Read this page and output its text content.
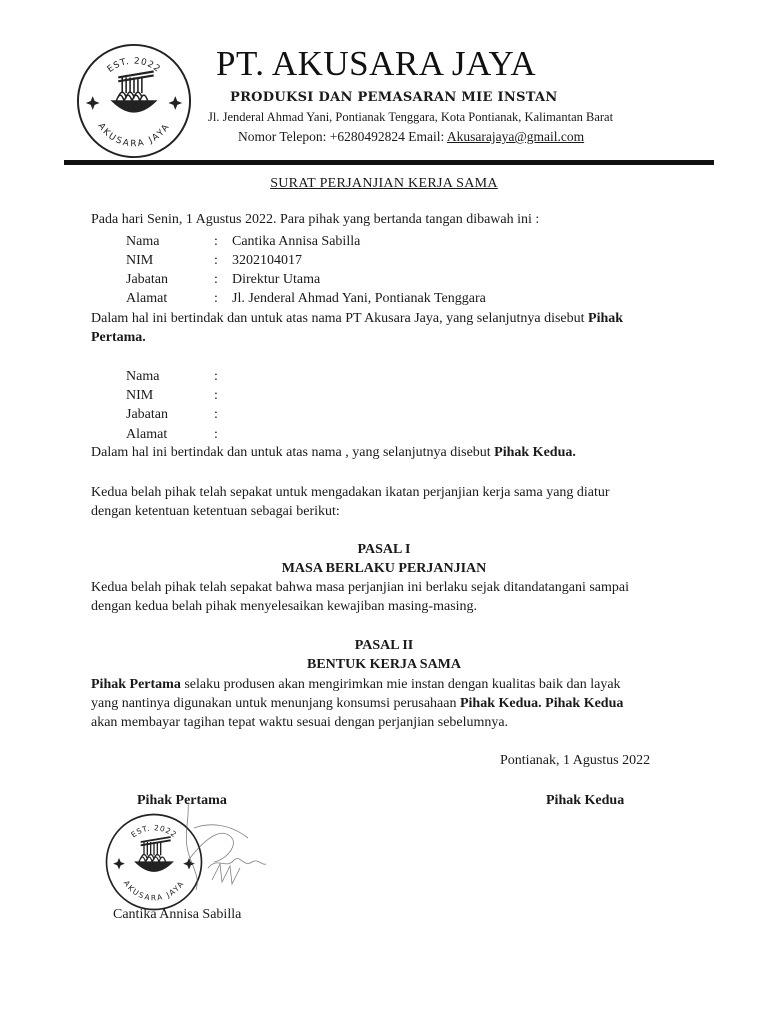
EST. 2022
AKUSARA JAYA
PT. AKUSARA JAYA
PRODUKSI DAN PEMASARAN MIE INSTAN
Jl. Jenderal Ahmad Yani, Pontianak Tenggara, Kota Pontianak, Kalimantan Barat
Nomor Telepon: +6280492824 Email: Akusarajaya@gmail.com
SURAT PERJANJIAN KERJA SAMA
Pada hari Senin, 1 Agustus 2022. Para pihak yang bertanda tangan dibawah ini :
Nama	: Cantika Annisa Sabilla
NIM	: 3202104017
Jabatan	: Direktur Utama
Alamat	: Jl. Jenderal Ahmad Yani, Pontianak Tenggara
Dalam hal ini bertindak dan untuk atas nama PT Akusara Jaya, yang selanjutnya disebut Pihak
Pertama.
Nama	:
NIM	:
Jabatan	:
Alamat	:
Dalam hal ini bertindak dan untuk atas nama , yang selanjutnya disebut Pihak Kedua.
Kedua belah pihak telah sepakat untuk mengadakan ikatan perjanjian kerja sama yang diatur
dengan ketentuan ketentuan sebagai berikut:
PASAL I
MASA BERLAKU PERJANJIAN
Kedua belah pihak telah sepakat bahwa masa perjanjian ini berlaku sejak ditandatangani sampai
dengan kedua belah pihak menyelesaikan kewajiban masing-masing.
PASAL II
BENTUK KERJA SAMA
Pihak Pertama selaku produsen akan mengirimkan mie instan dengan kualitas baik dan layak
yang nantinya digunakan untuk menunjang konsumsi perusahaan Pihak Kedua. Pihak Kedua
akan membayar tagihan tepat waktu sesuai dengan perjanjian sebelumnya.
Pontianak, 1 Agustus 2022
Pihak Pertama	Pihak Kedua
EST. 2022
AKUSARA JAYA
Cantika Annisa Sabilla
